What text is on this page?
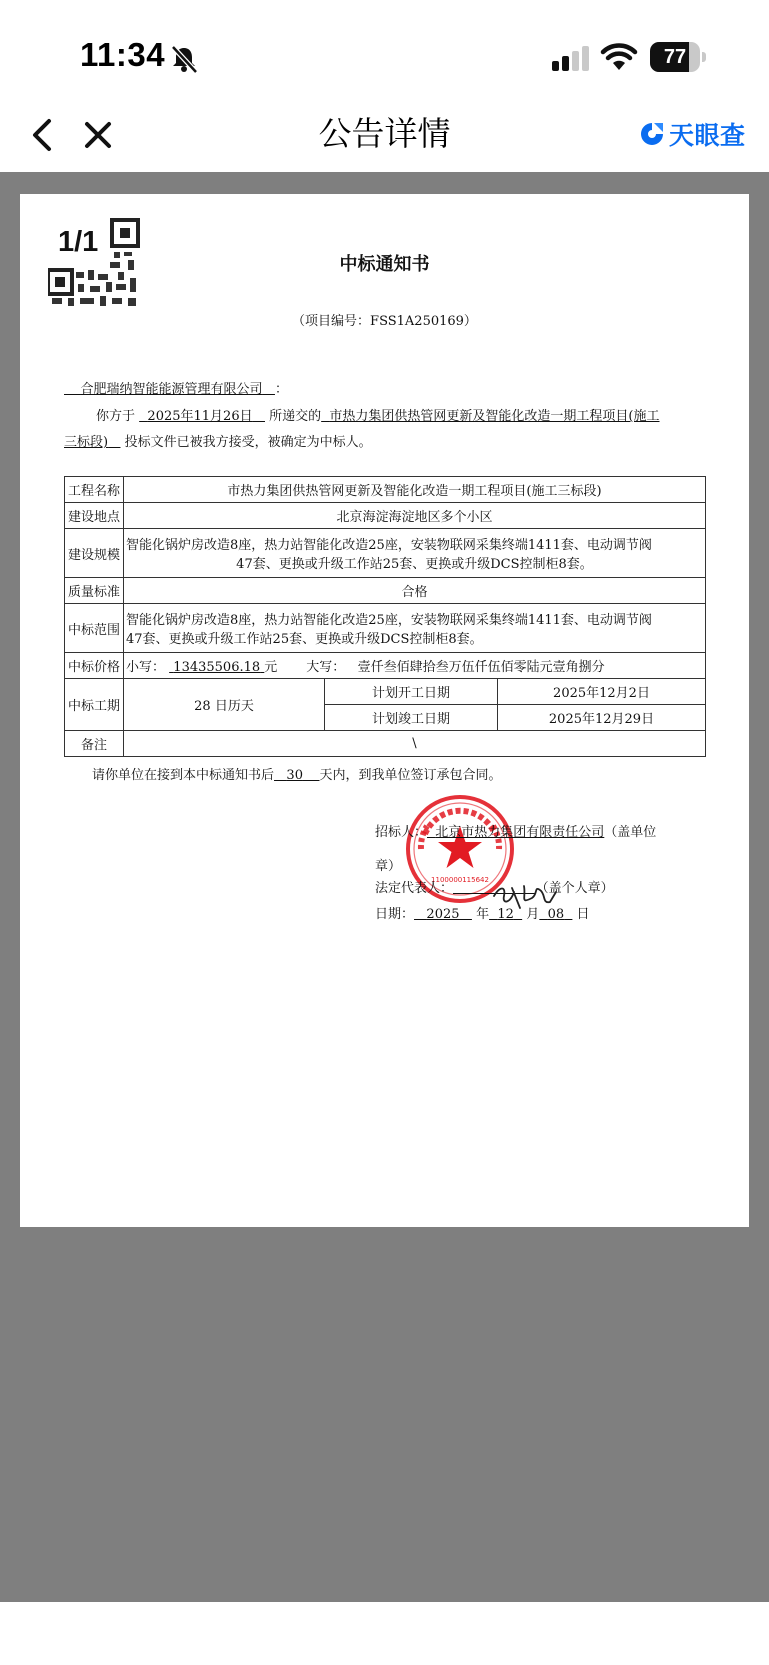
11:34	77
公告详情	天眼查
1/1
中标通知书
（项目编号：FSS1A250169）
合肥瑞纳智能能源管理有限公司 ：
你方于 2025年11月26日 所递交的 市热力集团供热管网更新及智能化改造一期工程项目(施工三标段) 投标文件已被我方接受，被确定为中标人。
工程名称	市热力集团供热管网更新及智能化改造一期工程项目(施工三标段)		
建设地点	北京海淀海淀地区多个小区		
建设规模	智能化锅炉房改造8座，热力站智能化改造25座，安装物联网采集终端1411套、电动调节阀
47套、更换或升级工作站25套、更换或升级DCS控制柜8套。		

质量标准	合格		
中标范围	智能化锅炉房改造8座，热力站智能化改造25座，安装物联网采集终端1411套、电动调节阀
47套、更换或升级工作站25套、更换或升级DCS控制柜8套。		

中标价格	小写： 13435506.18 元 大写： 壹仟叁佰肆拾叁万伍仟伍佰零陆元壹角捌分		
中标工期	28 日历天	计划开工日期	2025年12月2日
		计划竣工日期	2025年12月29日
备注	\		
请你单位在接到本中标通知书后 30 天内，到我单位签订承包合同。
1100000115642
招标人： 北京市热力集团有限责任公司（盖单位
章）
法定代表人：	（盖个人章）
日期： 2025 年 12 月 08 日
